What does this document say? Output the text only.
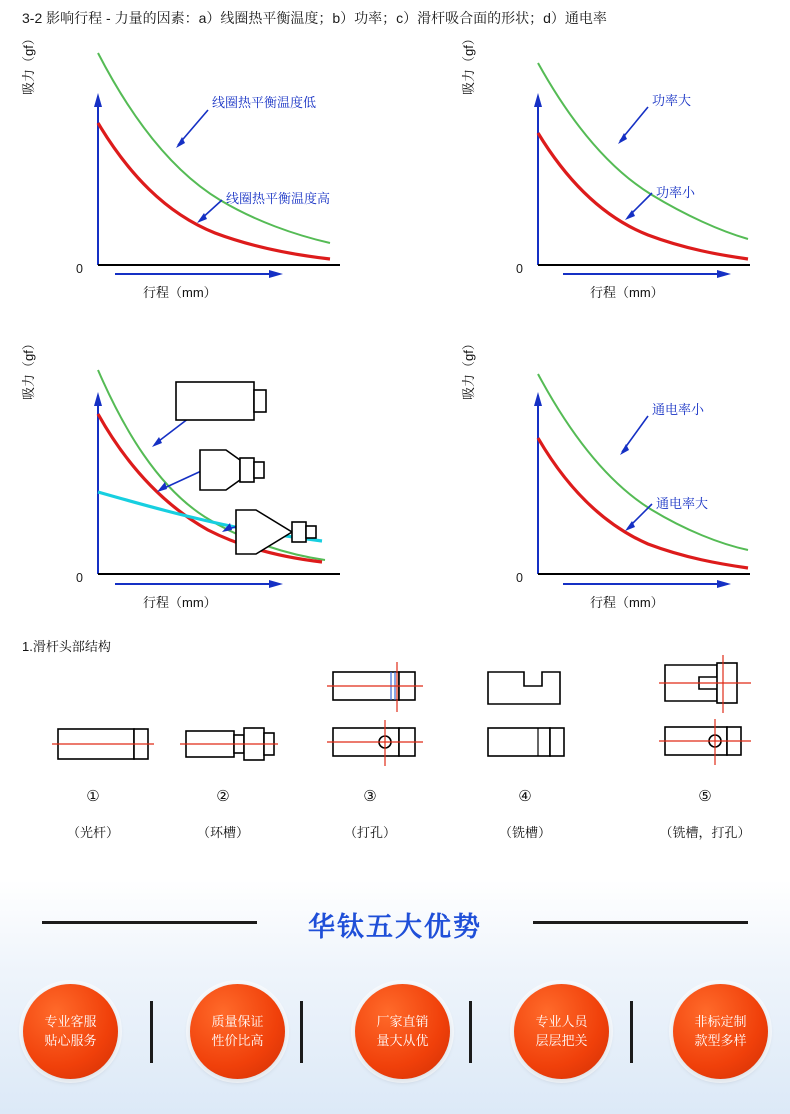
3-2 影响行程 - 力量的因素：a）线圈热平衡温度；b）功率；c）滑杆吸合面的形状；d）通电率
线圈热平衡温度低
线圈热平衡温度高
0
吸力（gf）
行程（mm）
功率大
功率小
0
吸力（gf）
行程（mm）
0
吸力（gf）
行程（mm）
通电率小
通电率大
0
吸力（gf）
行程（mm）
1.滑杆头部结构
①
（光杆）
②
（环槽）
③
（打孔）
④
（铣槽）
⑤
（铣槽，打孔）
华钛五大优势
专业客服
贴心服务
质量保证
性价比高
厂家直销
量大从优
专业人员
层层把关
非标定制
款型多样
